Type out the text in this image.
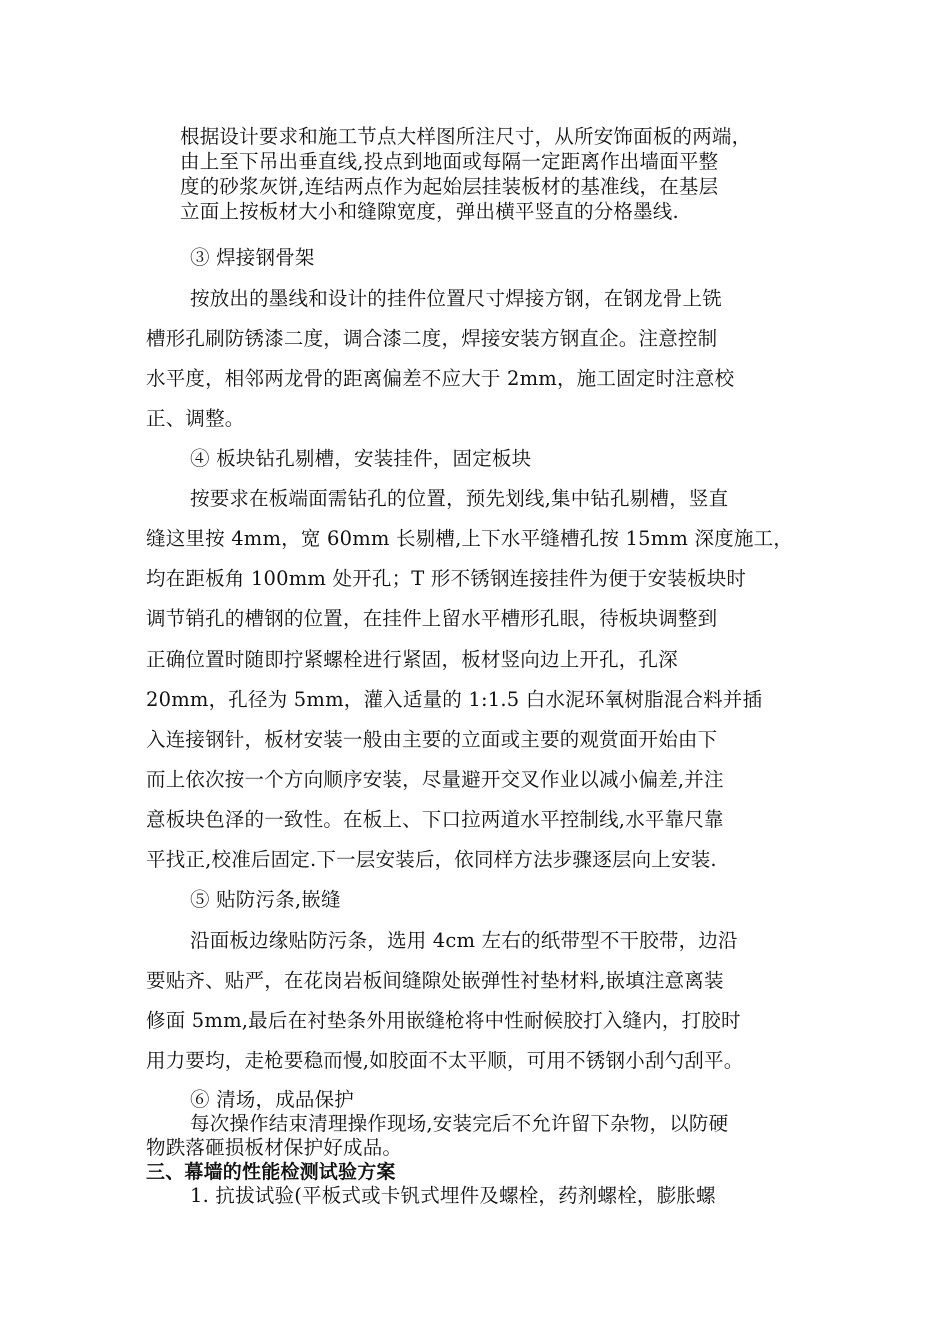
根据设计要求和施工节点大样图所注尺寸，从所安饰面板的两端，
由上至下吊出垂直线,投点到地面或每隔一定距离作出墙面平整
度的砂浆灰饼,连结两点作为起始层挂装板材的基准线，在基层
立面上按板材大小和缝隙宽度，弹出横平竖直的分格墨线.
③ 焊接钢骨架
按放出的墨线和设计的挂件位置尺寸焊接方钢，在钢龙骨上铣
槽形孔刷防锈漆二度，调合漆二度，焊接安装方钢直企。注意控制
水平度，相邻两龙骨的距离偏差不应大于 2mm，施工固定时注意校
正、调整。
④ 板块钻孔剔槽，安装挂件，固定板块
按要求在板端面需钻孔的位置，预先划线,集中钻孔剔槽，竖直
缝这里按 4mm，宽 60mm 长剔槽,上下水平缝槽孔按 15mm 深度施工，
均在距板角 100mm 处开孔；T 形不锈钢连接挂件为便于安装板块时
调节销孔的槽钢的位置，在挂件上留水平槽形孔眼，待板块调整到
正确位置时随即拧紧螺栓进行紧固，板材竖向边上开孔，孔深
20mm，孔径为 5mm，灌入适量的 1:1.5 白水泥环氧树脂混合料并插
入连接钢针，板材安装一般由主要的立面或主要的观赏面开始由下
而上依次按一个方向顺序安装，尽量避开交叉作业以减小偏差,并注
意板块色泽的一致性。在板上、下口拉两道水平控制线,水平靠尺靠
平找正,校准后固定.下一层安装后，依同样方法步骤逐层向上安装.
⑤ 贴防污条,嵌缝
沿面板边缘贴防污条，选用 4cm 左右的纸带型不干胶带，边沿
要贴齐、贴严，在花岗岩板间缝隙处嵌弹性衬垫材料,嵌填注意离装
修面 5mm,最后在衬垫条外用嵌缝枪将中性耐候胶打入缝内，打胶时
用力要均，走枪要稳而慢,如胶面不太平顺，可用不锈钢小刮勺刮平。
⑥ 清场，成品保护
每次操作结束清理操作现场,安装完后不允许留下杂物，以防硬
物跌落砸损板材保护好成品。
三、幕墙的性能检测试验方案
1. 抗拔试验(平板式或卡钒式埋件及螺栓，药剂螺栓，膨胀螺
